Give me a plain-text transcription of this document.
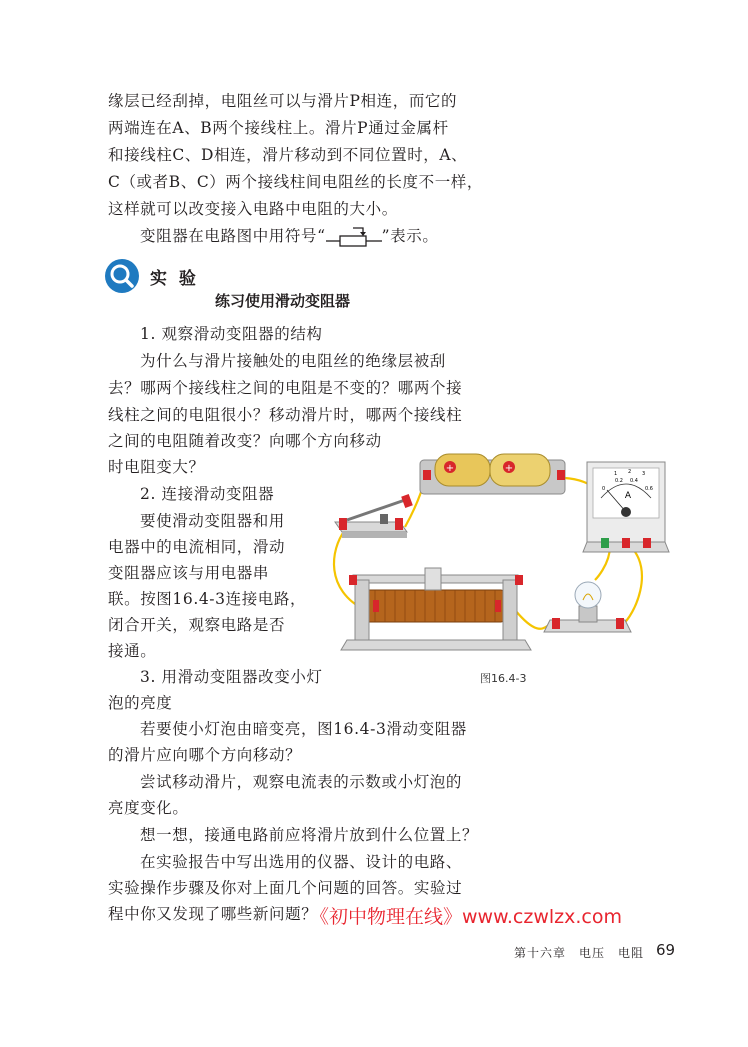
缘层已经刮掉，电阻丝可以与滑片P相连，而它的
两端连在A、B两个接线柱上。滑片P通过金属杆
和接线柱C、D相连，滑片移动到不同位置时，A、
C（或者B、C）两个接线柱间电阻丝的长度不一样，
这样就可以改变接入电路中电阻的大小。
变阻器在电路图中用符号“	”表示。
实 验
练习使用滑动变阻器
1. 观察滑动变阻器的结构
为什么与滑片接触处的电阻丝的绝缘层被刮
去？哪两个接线柱之间的电阻是不变的？哪两个接
线柱之间的电阻很小？移动滑片时，哪两个接线柱
之间的电阻随着改变？向哪个方向移动
时电阻变大？
2. 连接滑动变阻器
要使滑动变阻器和用
电器中的电流相同，滑动
变阻器应该与用电器串
联。按图16.4-3连接电路，
闭合开关，观察电路是否
接通。
3. 用滑动变阻器改变小灯
泡的亮度
若要使小灯泡由暗变亮，图16.4-3滑动变阻器
的滑片应向哪个方向移动？
尝试移动滑片，观察电流表的示数或小灯泡的
亮度变化。
想一想，接通电路前应将滑片放到什么位置上？
在实验报告中写出选用的仪器、设计的电路、
实验操作步骤及你对上面几个问题的回答。实验过
程中你又发现了哪些新问题？
+	+
A
0
0.2 0.4
0.6
1 2 3
图16.4-3
《初中物理在线》www.czwlzx.com
第十六章　电压　电阻 69
